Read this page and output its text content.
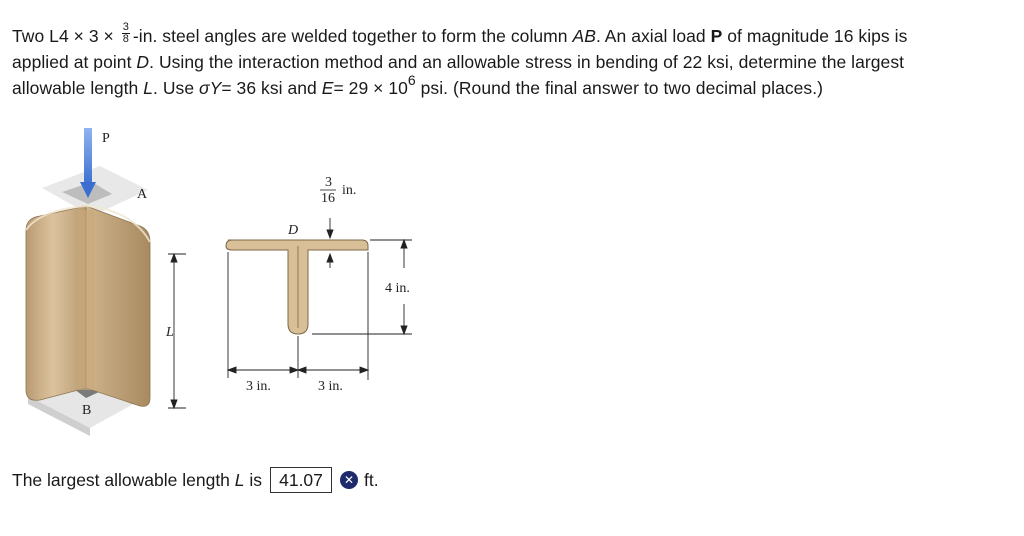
Two $L4 \times 3 \times \frac{3}{8} -in$. steel angles are welded together to form the column AB. An axial load P of magnitude 16 kips is
applied at point D. Using the interaction method and an allowable stress in bending of 22 ksi, determine the largest
allowable length L. Use σY= 36 ksi and $E= 29 \times 10^6$ psi. (Round the final answer to two decimal places.)
P
A
B
L
3
16
in.
D
4 in.
3 in.	3 in.
The largest allowable length L is 41.07	✕ ft.
